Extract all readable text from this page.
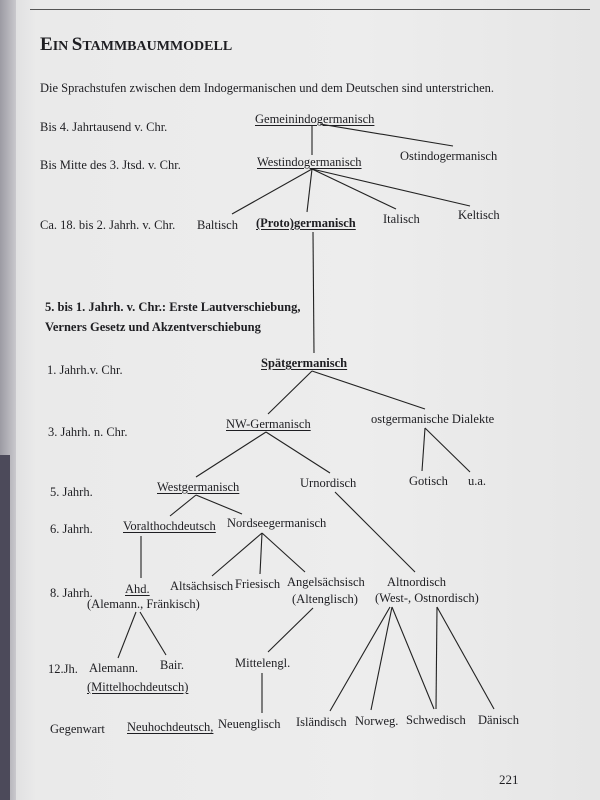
EIN STAMMBAUMMODELL
Die Sprachstufen zwischen dem Indogermanischen und dem Deutschen sind unterstrichen.
Bis 4. Jahrtausend v. Chr.
Bis Mitte des 3. Jtsd. v. Chr.
Ca. 18. bis 2. Jahrh. v. Chr.
5. bis 1. Jahrh. v. Chr.: Erste Lautverschiebung,
Verners Gesetz und Akzentverschiebung
1. Jahrh.v. Chr.
3. Jahrh. n. Chr.
5. Jahrh.
6. Jahrh.
8. Jahrh.
12.Jh.
Gegenwart
Gemeinindogermanisch
Westindogermanisch	Ostindogermanisch
Baltisch (Proto)germanisch Italisch	Keltisch
Spätgermanisch
NW-Germanisch	ostgermanische Dialekte
Westgermanisch	Urnordisch	Gotisch u.a.
Voralthochdeutsch Nordseegermanisch
Ahd.
(Alemann., Fränkisch)
Altsächsisch Friesisch Angelsächsisch
(Altenglisch)
Altnordisch
(West-, Ostnordisch)
Alemann. Bair.	Mittelengl.
(Mittelhochdeutsch)
Neuhochdeutsch, Neuenglisch Isländisch Norweg. Schwedisch Dänisch
221
